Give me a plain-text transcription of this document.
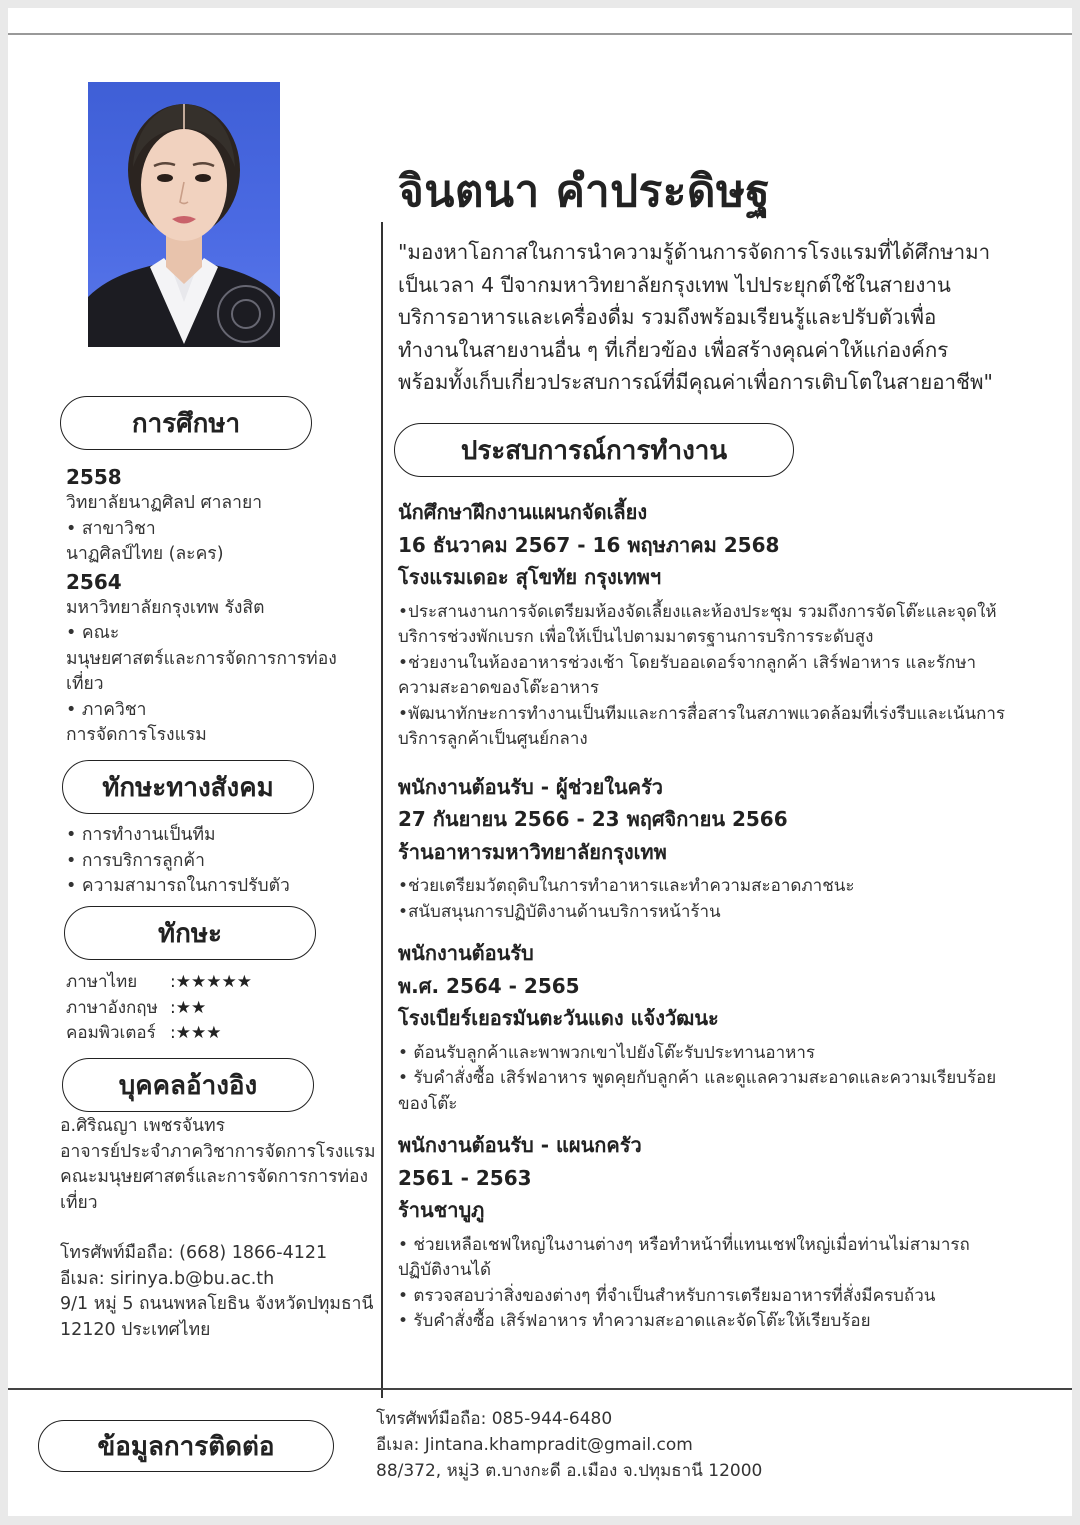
จินตนา คำประดิษฐ
"มองหาโอกาสในการนำความรู้ด้านการจัดการโรงแรมที่ได้ศึกษามา
เป็นเวลา 4 ปีจากมหาวิทยาลัยกรุงเทพ ไปประยุกต์ใช้ในสายงาน
บริการอาหารและเครื่องดื่ม รวมถึงพร้อมเรียนรู้และปรับตัวเพื่อ
ทำงานในสายงานอื่น ๆ ที่เกี่ยวข้อง เพื่อสร้างคุณค่าให้แก่องค์กร
พร้อมทั้งเก็บเกี่ยวประสบการณ์ที่มีคุณค่าเพื่อการเติบโตในสายอาชีพ"
การศึกษา
ทักษะทางสังคม
ทักษะ
บุคคลอ้างอิง
ประสบการณ์การทำงาน
ข้อมูลการติดต่อ
2558
วิทยาลัยนาฏศิลป ศาลายา
• สาขาวิชา
นาฏศิลป์ไทย (ละคร)
2564
มหาวิทยาลัยกรุงเทพ รังสิต
• คณะ
มนุษยศาสตร์และการจัดการการท่อง
เที่ยว
• ภาควิชา
การจัดการโรงแรม
• การทำงานเป็นทีม
• การบริการลูกค้า
• ความสามารถในการปรับตัว
ภาษาไทย	:★★★★★
ภาษาอังกฤษ :★★
คอมพิวเตอร์ :★★★
อ.ศิริณญา เพชรจันทร
อาจารย์ประจำภาควิชาการจัดการโรงแรม
คณะมนุษยศาสตร์และการจัดการการท่อง
เที่ยว
โทรศัพท์มือถือ: (668) 1866-4121
อีเมล: sirinya.b@bu.ac.th
9/1 หมู่ 5 ถนนพหลโยธิน จังหวัดปทุมธานี
12120 ประเทศไทย
นักศึกษาฝึกงานแผนกจัดเลี้ยง
16 ธันวาคม 2567 - 16 พฤษภาคม 2568
โรงแรมเดอะ สุโขทัย กรุงเทพฯ
•ประสานงานการจัดเตรียมห้องจัดเลี้ยงและห้องประชุม รวมถึงการจัดโต๊ะและจุดให้
บริการช่วงพักเบรก เพื่อให้เป็นไปตามมาตรฐานการบริการระดับสูง
•ช่วยงานในห้องอาหารช่วงเช้า โดยรับออเดอร์จากลูกค้า เสิร์ฟอาหาร และรักษา
ความสะอาดของโต๊ะอาหาร
•พัฒนาทักษะการทำงานเป็นทีมและการสื่อสารในสภาพแวดล้อมที่เร่งรีบและเน้นการ
บริการลูกค้าเป็นศูนย์กลาง
พนักงานต้อนรับ - ผู้ช่วยในครัว
27 กันยายน 2566 - 23 พฤศจิกายน 2566
ร้านอาหารมหาวิทยาลัยกรุงเทพ
•ช่วยเตรียมวัตถุดิบในการทำอาหารและทำความสะอาดภาชนะ
•สนับสนุนการปฏิบัติงานด้านบริการหน้าร้าน
พนักงานต้อนรับ
พ.ศ. 2564 - 2565
โรงเบียร์เยอรมันตะวันแดง แจ้งวัฒนะ
• ต้อนรับลูกค้าและพาพวกเขาไปยังโต๊ะรับประทานอาหาร
• รับคำสั่งซื้อ เสิร์ฟอาหาร พูดคุยกับลูกค้า และดูแลความสะอาดและความเรียบร้อย
ของโต๊ะ
พนักงานต้อนรับ - แผนกครัว
2561 - 2563
ร้านชาบูภู
• ช่วยเหลือเชฟใหญ่ในงานต่างๆ หรือทำหน้าที่แทนเชฟใหญ่เมื่อท่านไม่สามารถ
ปฏิบัติงานได้
• ตรวจสอบว่าสิ่งของต่างๆ ที่จำเป็นสำหรับการเตรียมอาหารที่สั่งมีครบถ้วน
• รับคำสั่งซื้อ เสิร์ฟอาหาร ทำความสะอาดและจัดโต๊ะให้เรียบร้อย
โทรศัพท์มือถือ: 085-944-6480
อีเมล: Jintana.khampradit@gmail.com
88/372, หมู่3 ต.บางกะดี อ.เมือง จ.ปทุมธานี 12000
